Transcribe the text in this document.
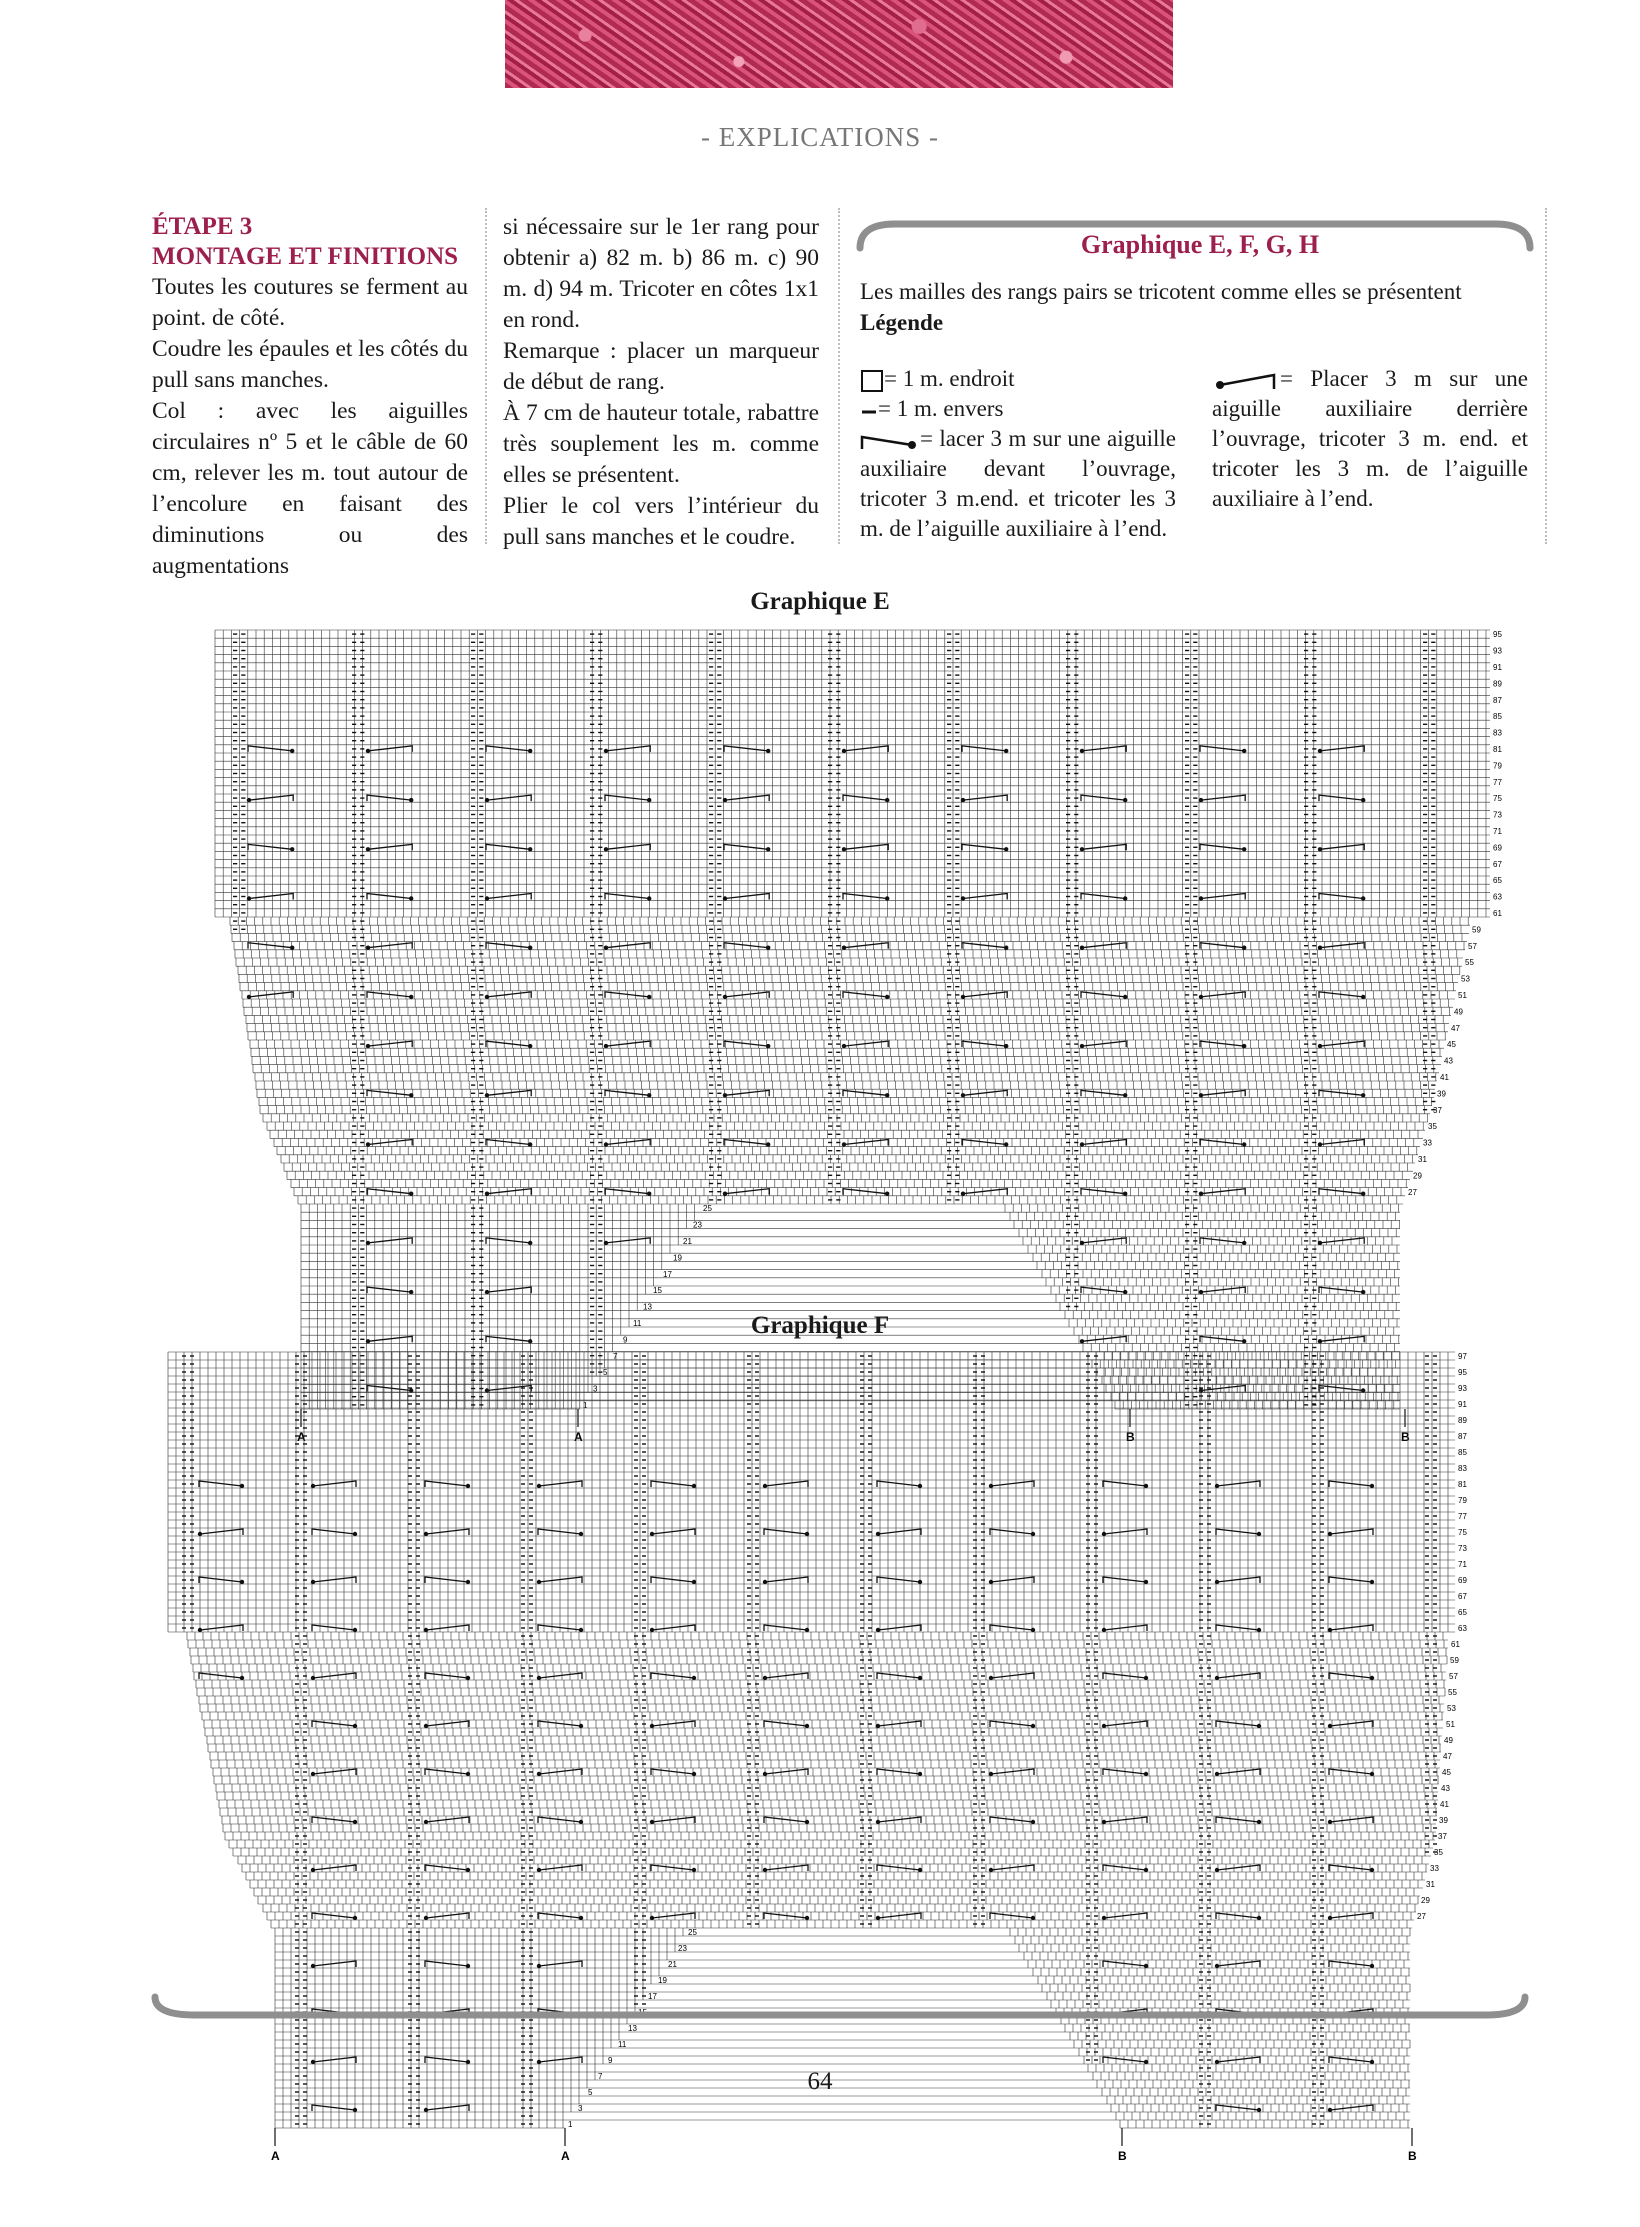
- EXPLICATIONS -

ÉTAPE 3

MONTAGE ET FINITIONS

Toutes les coutures se ferment au point. de côté.

Coudre les épaules et les côtés du pull sans manches.

Col : avec les aiguilles circulaires nº 5 et le câble de 60 cm, relever les m. tout autour de l’encolure en faisant des diminutions ou des augmentations

si nécessaire sur le 1er rang pour obtenir a) 82 m. b) 86 m. c) 90 m. d) 94 m. Tricoter en côtes 1x1 en rond.

Remarque : placer un marqueur de début de rang.

À 7 cm de hauteur totale, rabattre très souplement les m. comme elles se présentent.

Plier le col vers l’intérieur du pull sans manches et le coudre.

Graphique E, F, G, H

Les mailles des rangs pairs se tricotent comme elles se présentent

Légende

= 1 m. endroit

= 1 m. envers

= lacer 3 m sur une aiguille auxiliaire devant l’ouvrage, tricoter 3 m.end. et tricoter les 3 m. de l’aiguille auxiliaire à l’end.

= Placer 3 m sur une aiguille auxiliaire derrière l’ouvrage, tricoter 3 m. end. et tricoter les 3 m. de l’aiguille auxiliaire à l’end.

Graphique E

1
3
5
7
9
11
13
15
17
19
21
23
25
27
29
31
33
35
37
39
41
43
45
47
49
51
53
55
57
59
61
63
65
67
69
71
73
75
77
79
81
83
85
87
89
91
93
95
A	A	B	B

Graphique F

1
3
5
7
9
11
13
15
17
19
21
23
25
27
29
31
33
35
37
39
41
43
45
47
49
51
53
55
57
59
61
63
65
67
69
71
73
75
77
79
81
83
85
87
89
91
93
95
97
A	A	B	B

64
